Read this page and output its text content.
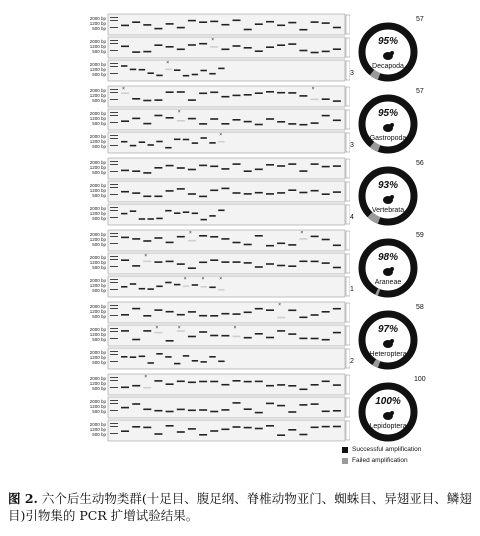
×
×
×	×
×
×
×	×
×
×	×	×
×
×	×	×
×
2000 bp
1200 bp
500 bp
2000 bp
1200 bp
500 bp
2000 bp
1200 bp
500 bp
2000 bp
1200 bp
500 bp
2000 bp
1200 bp
500 bp
2000 bp
1200 bp
500 bp
2000 bp
1200 bp
500 bp
2000 bp
1200 bp
500 bp
2000 bp
1200 bp
500 bp
2000 bp
1200 bp
500 bp
2000 bp
1200 bp
500 bp
2000 bp
1200 bp
500 bp
2000 bp
1200 bp
500 bp
2000 bp
1200 bp
500 bp
2000 bp
1200 bp
500 bp
2000 bp
1200 bp
500 bp
2000 bp
1200 bp
500 bp
2000 bp
1200 bp
500 bp
95%
Decapoda
57
3
95%
Gastropoda
57
3
93%
Vertebrata
56
4
98%
Araneae
59
1
97%
Heteroptera
58
2
100%
Lepidoptera
100
Successful amplification
Failed amplification
图 2. 六个后生动物类群(十足目、腹足纲、脊椎动物亚门、蜘蛛目、异翅亚目、鳞翅目)引物集的 PCR 扩增试验结果。
